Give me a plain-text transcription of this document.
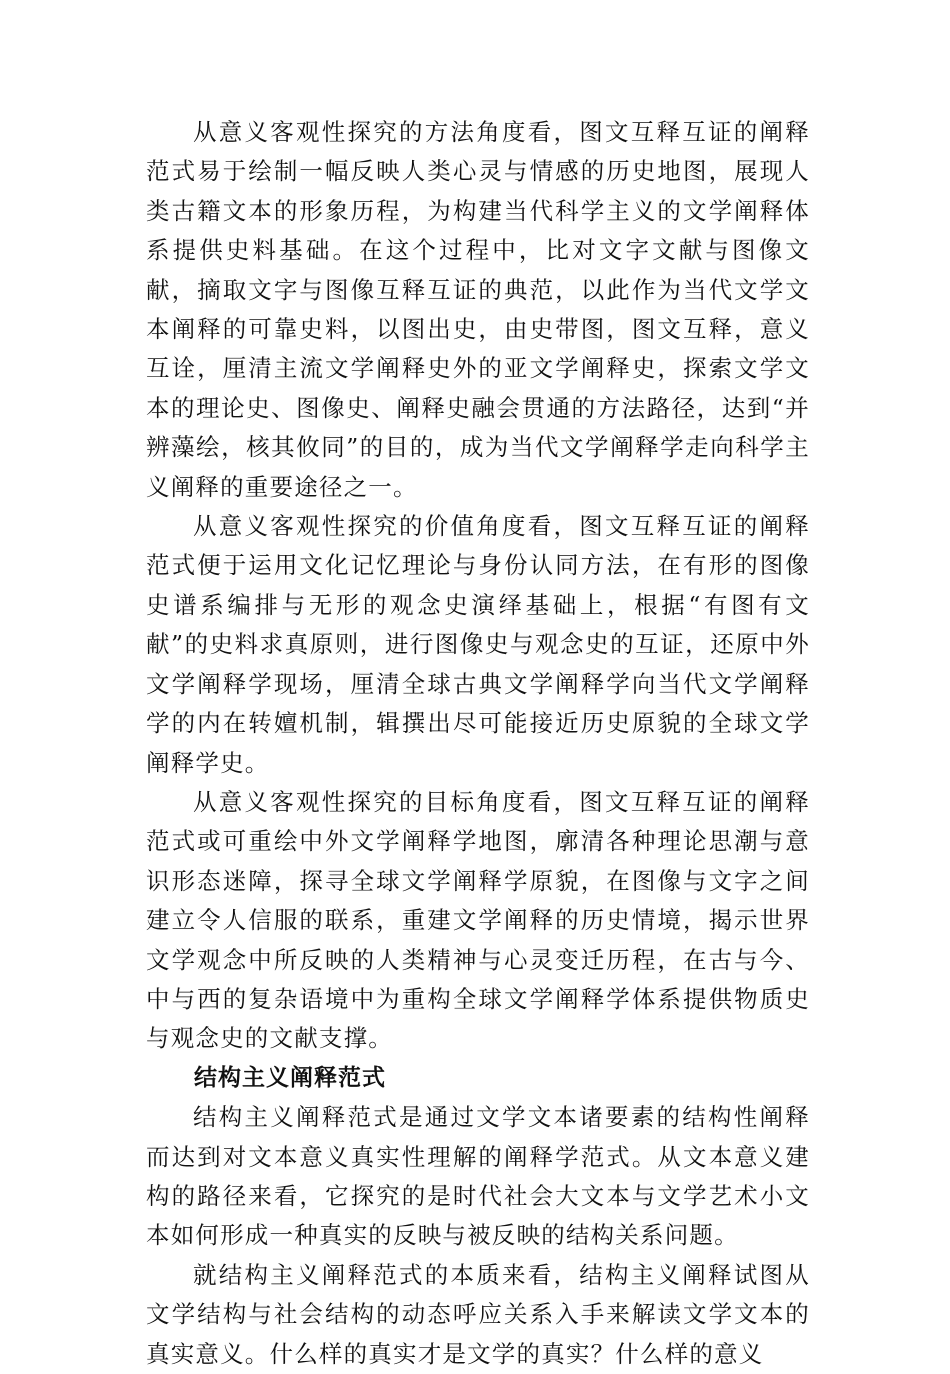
从意义客观性探究的方法角度看，图文互释互证的阐释范式易于绘制一幅反映人类心灵与情感的历史地图，展现人类古籍文本的形象历程，为构建当代科学主义的文学阐释体系提供史料基础。在这个过程中，比对文字文献与图像文献，摘取文字与图像互释互证的典范，以此作为当代文学文本阐释的可靠史料，以图出史，由史带图，图文互释，意义互诠，厘清主流文学阐释史外的亚文学阐释史，探索文学文本的理论史、图像史、阐释史融会贯通的方法路径，达到“并辨藻绘，核其攸同”的目的，成为当代文学阐释学走向科学主义阐释的重要途径之一。

从意义客观性探究的价值角度看，图文互释互证的阐释范式便于运用文化记忆理论与身份认同方法，在有形的图像史谱系编排与无形的观念史演绎基础上，根据“有图有文献”的史料求真原则，进行图像史与观念史的互证，还原中外文学阐释学现场，厘清全球古典文学阐释学向当代文学阐释学的内在转嬗机制，辑撰出尽可能接近历史原貌的全球文学阐释学史。

从意义客观性探究的目标角度看，图文互释互证的阐释范式或可重绘中外文学阐释学地图，廓清各种理论思潮与意识形态迷障，探寻全球文学阐释学原貌，在图像与文字之间建立令人信服的联系，重建文学阐释的历史情境，揭示世界文学观念中所反映的人类精神与心灵变迁历程，在古与今、中与西的复杂语境中为重构全球文学阐释学体系提供物质史与观念史的文献支撑。

结构主义阐释范式

结构主义阐释范式是通过文学文本诸要素的结构性阐释而达到对文本意义真实性理解的阐释学范式。从文本意义建构的路径来看，它探究的是时代社会大文本与文学艺术小文本如何形成一种真实的反映与被反映的结构关系问题。

就结构主义阐释范式的本质来看，结构主义阐释试图从文学结构与社会结构的动态呼应关系入手来解读文学文本的真实意义。什么样的真实才是文学的真实？什么样的意义
